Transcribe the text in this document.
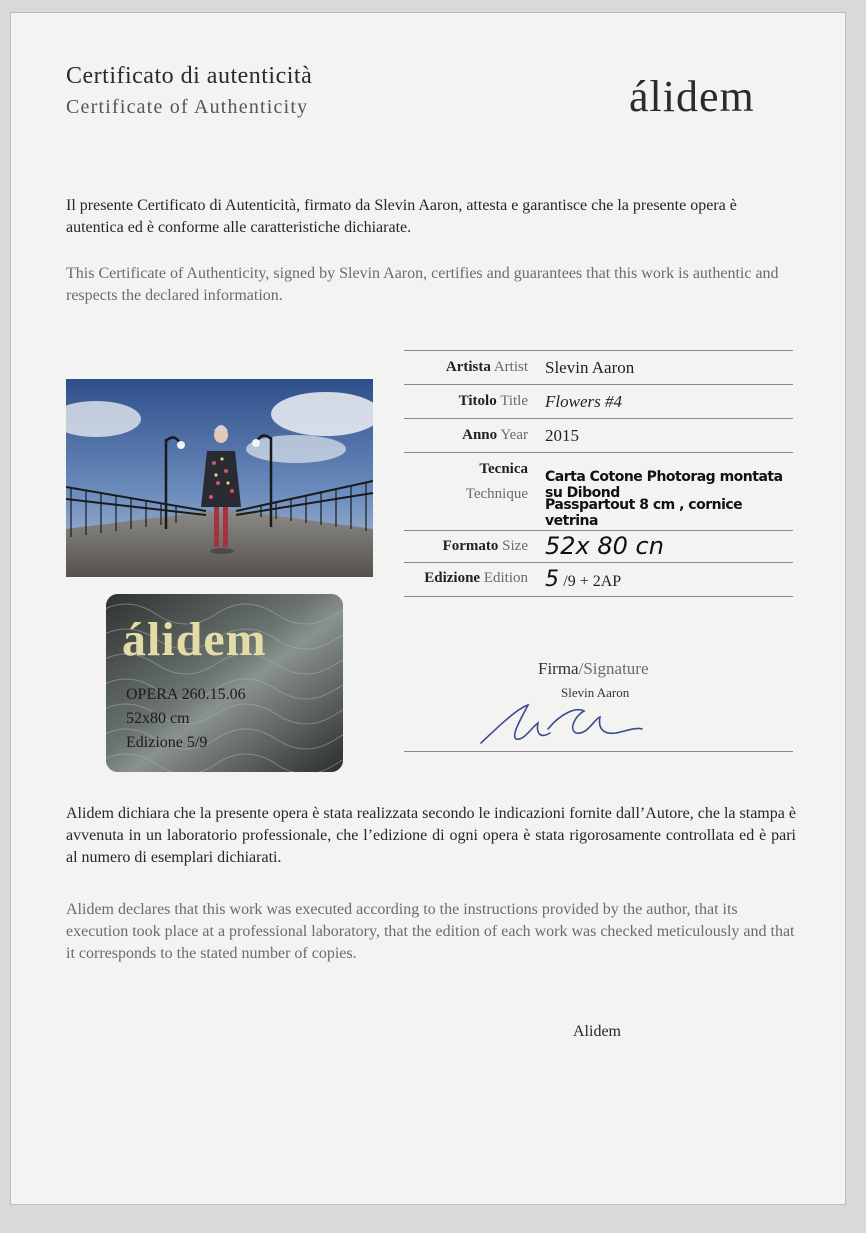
Certificato di autenticità
Certificate of Authenticity	álidem
Il presente Certificato di Autenticità, firmato da Slevin Aaron, attesta e garantisce che la presente opera è autentica ed è conforme alle caratteristiche dichiarate.
This Certificate of Authenticity, signed by Slevin Aaron, certifies and guarantees that this work is authentic and respects the declared information.
álidem
OPERA 260.15.06
52x80 cm
Edizione 5/9
Artista Artist Slevin Aaron
Titolo Title Flowers #4
Anno Year 2015
Tecnica
Technique
Carta Cotone Photorag montata su Dibond
Passpartout 8 cm , cornice vetrina
Formato Size 52x 80 cn
Edizione Edition 5 /9 + 2AP
Firma/Signature
Slevin Aaron
Alidem dichiara che la presente opera è stata realizzata secondo le indicazioni fornite dall’Autore, che la stampa è avvenuta in un laboratorio professionale, che l’edizione di ogni opera è stata rigorosamente controllata ed è pari al numero di esemplari dichiarati.
Alidem declares that this work was executed according to the instructions provided by the author, that its execution took place at a professional laboratory, that the edition of each work was checked meticulously and that it corresponds to the stated number of copies.
Alidem
